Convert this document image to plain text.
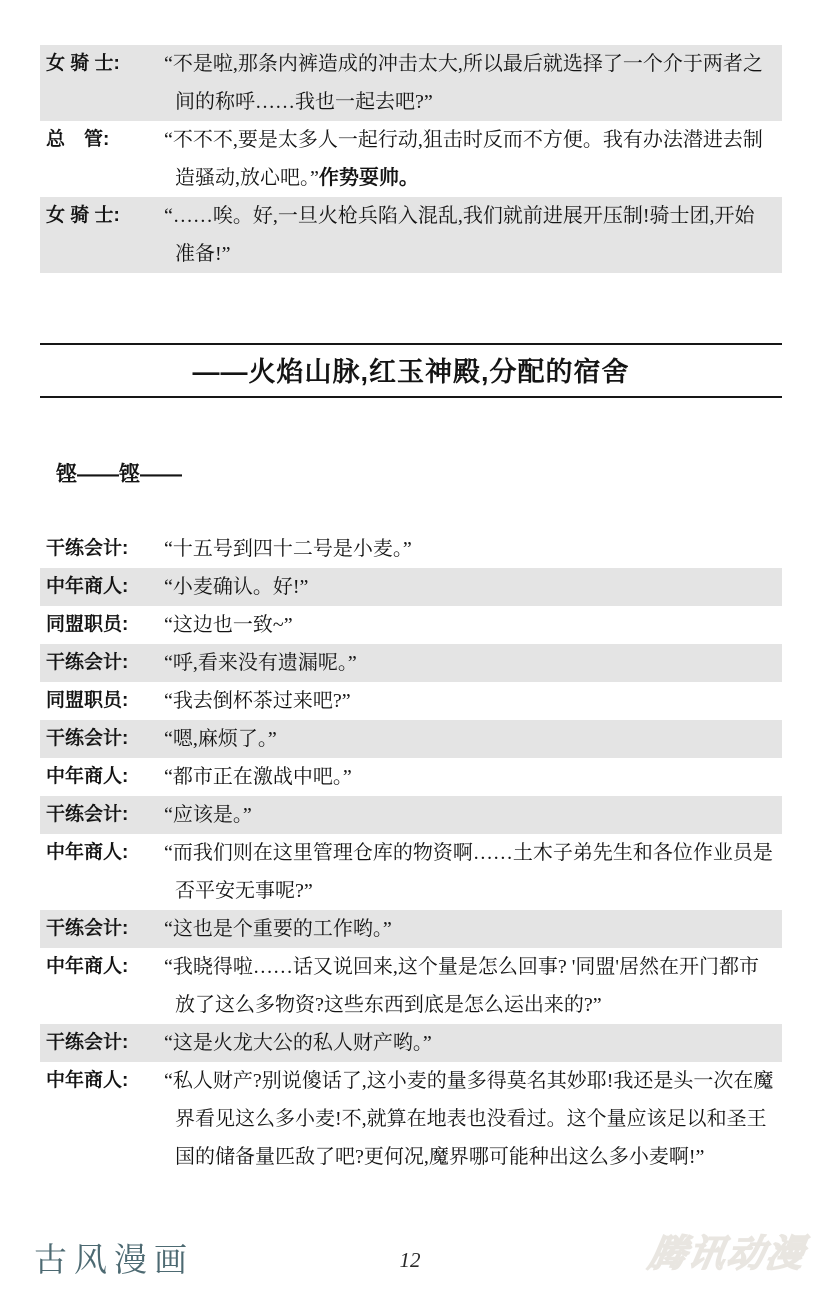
女 骑 士:	“不是啦,那条内裤造成的冲击太大,所以最后就选择了一个介于两者之间的称呼……我也一起去吧?”
总　管:	“不不不,要是太多人一起行动,狙击时反而不方便。我有办法潜进去制造骚动,放心吧。”作势耍帅。
女 骑 士:	“……唉。好,一旦火枪兵陷入混乱,我们就前进展开压制!骑士团,开始准备!”
——火焰山脉,红玉神殿,分配的宿舍
铿——铿——
干练会计:	“十五号到四十二号是小麦。”
中年商人:	“小麦确认。好!”
同盟职员:	“这边也一致~”
干练会计:	“呼,看来没有遗漏呢。”
同盟职员:	“我去倒杯茶过来吧?”
干练会计:	“嗯,麻烦了。”
中年商人:	“都市正在激战中吧。”
干练会计:	“应该是。”
中年商人:	“而我们则在这里管理仓库的物资啊……土木子弟先生和各位作业员是否平安无事呢?”
干练会计:	“这也是个重要的工作哟。”
中年商人:	“我晓得啦……话又说回来,这个量是怎么回事? '同盟'居然在开门都市放了这么多物资?这些东西到底是怎么运出来的?”
干练会计:	“这是火龙大公的私人财产哟。”
中年商人:	“私人财产?别说傻话了,这小麦的量多得莫名其妙耶!我还是头一次在魔界看见这么多小麦!不,就算在地表也没看过。这个量应该足以和圣王国的储备量匹敌了吧?更何况,魔界哪可能种出这么多小麦啊!”
古风漫画	12	腾讯动漫
